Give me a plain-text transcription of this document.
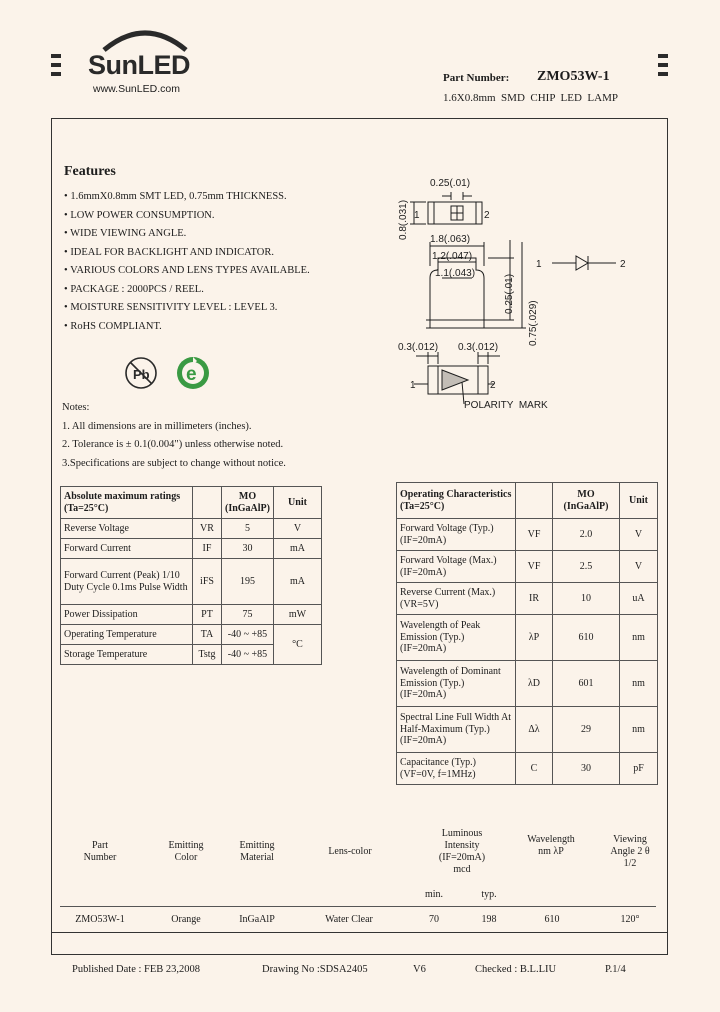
SunLED
www.SunLED.com
Part Number: ZMO53W-1
1.6X0.8mm  SMD  CHIP  LED  LAMP
Features
• 1.6mmX0.8mm SMT LED, 0.75mm THICKNESS.
• LOW POWER CONSUMPTION.
• WIDE VIEWING ANGLE.
• IDEAL FOR BACKLIGHT AND INDICATOR.
• VARIOUS COLORS AND LENS TYPES AVAILABLE.
• PACKAGE : 2000PCS / REEL.
• MOISTURE SENSITIVITY LEVEL : LEVEL 3.
• RoHS COMPLIANT.
Pb e
Notes:
1. All dimensions are in millimeters (inches).
2. Tolerance is ± 0.1(0.004") unless otherwise noted.
3.Specifications are subject to change without notice.
0.25(.01)
0.8(.031) 1	2
1.8(.063)
1.2(.047)
1.1(.043)
0.25(.01)
0.75(.029)
0.3(.012) 0.3(.012)
1	2
POLARITY  MARK
1	2
Absolute maximum ratings (Ta=25°C)		MO (InGaAlP)	Unit
Reverse Voltage	VR	5	V
Forward Current	IF	30	mA
Forward Current (Peak) 1/10 Duty Cycle 0.1ms Pulse Width	iFS	195	mA
Power Dissipation	PT	75	mW
Operating Temperature	TA	-40 ~ +85	°C
Storage Temperature	Tstg	-40 ~ +85	
Operating Characteristics (Ta=25°C)		MO (InGaAlP)	Unit
Forward Voltage (Typ.) (IF=20mA)	VF	2.0	V
Forward Voltage (Max.) (IF=20mA)	VF	2.5	V
Reverse Current (Max.) (VR=5V)	IR	10	uA
Wavelength of Peak Emission (Typ.) (IF=20mA)	λP	610	nm
Wavelength of Dominant Emission (Typ.) (IF=20mA)	λD	601	nm
Spectral Line Full Width At Half-Maximum (Typ.) (IF=20mA)	Δλ	29	nm
Capacitance (Typ.) (VF=0V, f=1MHz)	C	30	pF
Part Number
Emitting Color
Emitting Material
Lens-color
Luminous Intensity (IF=20mA) mcd
min.	typ.
Wavelength nm λP
Viewing Angle 2 θ 1/2
ZMO53W-1	Orange	InGaAlP	Water Clear	70	198	610	120°
Published Date : FEB 23,2008	Drawing No :SDSA2405	V6	Checked : B.L.LIU	P.1/4
